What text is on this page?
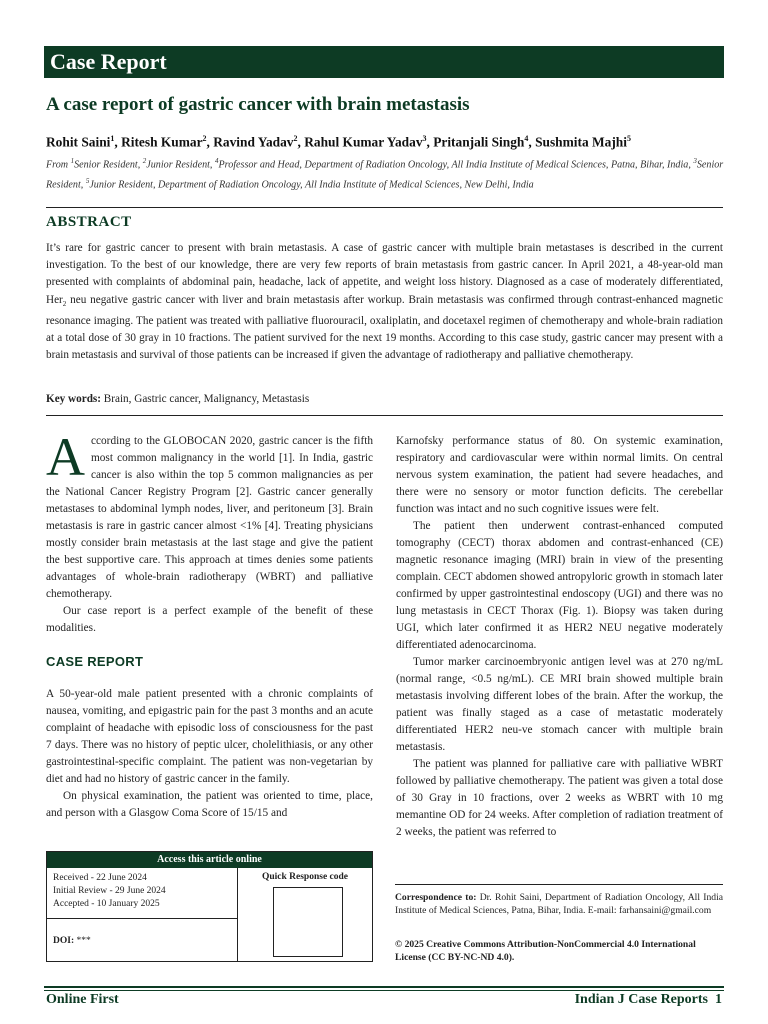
Case Report
A case report of gastric cancer with brain metastasis
Rohit Saini$^1$, Ritesh Kumar$^2$, Ravind Yadav$^2$, Rahul Kumar Yadav$^3$, Pritanjali Singh$^4$, Sushmita Majhi$^5$
From $^1$Senior Resident, $^2$Junior Resident, $^4$Professor and Head, Department of Radiation Oncology, All India Institute of Medical Sciences, Patna, Bihar, India, $^3$Senior Resident, $^5$Junior Resident, Department of Radiation Oncology, All India Institute of Medical Sciences, New Delhi, India
ABSTRACT
It’s rare for gastric cancer to present with brain metastasis. A case of gastric cancer with multiple brain metastases is described in the current investigation. To the best of our knowledge, there are very few reports of brain metastasis from gastric cancer. In April 2021, a 48-year-old man presented with complaints of abdominal pain, headache, lack of appetite, and weight loss history. Diagnosed as a case of moderately differentiated, Her$_2$ neu negative gastric cancer with liver and brain metastasis after workup. Brain metastasis was confirmed through contrast-enhanced magnetic resonance imaging. The patient was treated with palliative fluorouracil, oxaliplatin, and docetaxel regimen of chemotherapy and whole-brain radiation at a total dose of 30 gray in 10 fractions. The patient survived for the next 19 months. According to this case study, gastric cancer may present with a brain metastasis and survival of those patients can be increased if given the advantage of radiotherapy and palliative chemotherapy.
Key words: Brain, Gastric cancer, Malignancy, Metastasis

According to the GLOBOCAN 2020, gastric cancer is the fifth most common malignancy in the world [1]. In India, gastric cancer is also within the top 5 common malignancies as per the National Cancer Registry Program [2]. Gastric cancer generally metastases to abdominal lymph nodes, liver, and peritoneum [3]. Brain metastasis is rare in gastric cancer almost <1% [4]. Treating physicians mostly consider brain metastasis at the last stage and give the patient the best supportive care. This approach at times denies some patients advantages of whole-brain radiotherapy (WBRT) and palliative chemotherapy.

Our case report is a perfect example of the benefit of these modalities.

CASE REPORT

A 50-year-old male patient presented with a chronic complaints of nausea, vomiting, and epigastric pain for the past 3 months and an acute complaint of headache with episodic loss of consciousness for the past 7 days. There was no history of peptic ulcer, cholelithiasis, or any other gastrointestinal-specific complaint. The patient was non-vegetarian by diet and had no history of gastric cancer in the family.

On physical examination, the patient was oriented to time, place, and person with a Glasgow Coma Score of 15/15 and

Karnofsky performance status of 80. On systemic examination, respiratory and cardiovascular were within normal limits. On central nervous system examination, the patient had severe headaches, and there were no sensory or motor function deficits. The cerebellar function was intact and no such cognitive issues were felt.

The patient then underwent contrast-enhanced computed tomography (CECT) thorax abdomen and contrast-enhanced (CE) magnetic resonance imaging (MRI) brain in view of the presenting complain. CECT abdomen showed antropyloric growth in stomach later confirmed by upper gastrointestinal endoscopy (UGI) and there was no lung metastasis in CECT Thorax (Fig. 1). Biopsy was taken during UGI, which later confirmed it as HER2 NEU negative moderately differentiated adenocarcinoma.

Tumor marker carcinoembryonic antigen level was at 270 ng/mL (normal range, <0.5 ng/mL). CE MRI brain showed multiple brain metastasis involving different lobes of the brain. After the workup, the patient was finally staged as a case of metastatic moderately differentiated HER2 neu-ve stomach cancer with multiple brain metastasis.

The patient was planned for palliative care with palliative WBRT followed by palliative chemotherapy. The patient was given a total dose of 30 Gray in 10 fractions, over 2 weeks as WBRT with 10 mg memantine OD for 24 weeks. After completion of radiation treatment of 2 weeks, the patient was referred to

Access this article online
Received - 22 June 2024
Initial Review - 29 June 2024
Accepted - 10 January 2025
DOI: ***
Quick Response code
Correspondence to: Dr. Rohit Saini, Department of Radiation Oncology, All India Institute of Medical Sciences, Patna, Bihar, India. E-mail: farhansaini@gmail.com
© 2025 Creative Commons Attribution-NonCommercial 4.0 International License (CC BY-NC-ND 4.0).
Online First	Indian J Case Reports 1
